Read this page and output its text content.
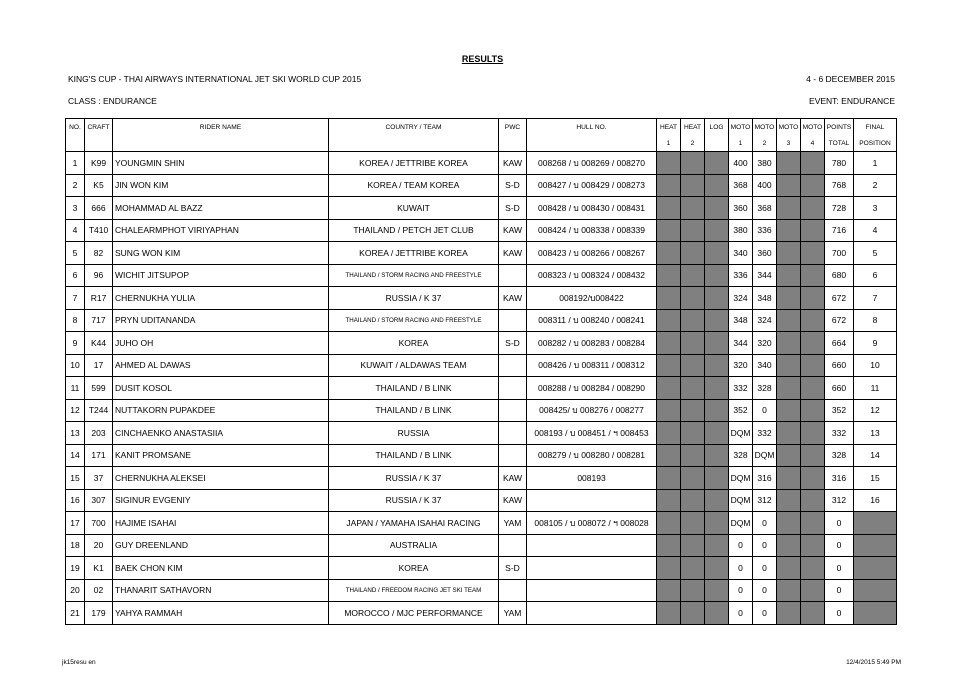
RESULTS
KING'S CUP - THAI AIRWAYS INTERNATIONAL JET SKI WORLD CUP 2015	4 - 6 DECEMBER 2015
CLASS : ENDURANCE	EVENT: ENDURANCE
NO.	CRAFT	RIDER NAME	COUNTRY / TEAM	PWC	HULL NO.	HEAT	HEAT	LOG	MOTO	MOTO	MOTO	MOTO	POINTS	FINAL
						1	2		1	2	3	4	TOTAL	POSITION
1	K99	YOUNGMIN SHIN	KOREA / JETTRIBE KOREA	KAW	008268 / บ 008269 / 008270				400	380			780	1
2	K5	JIN WON KIM	KOREA / TEAM KOREA	S-D	008427 / บ 008429 / 008273				368	400			768	2
3	666	MOHAMMAD AL BAZZ	KUWAIT	S-D	008428 / บ 008430 / 008431				360	368			728	3
4	T410	CHALEARMPHOT VIRIYAPHAN	THAILAND / PETCH JET CLUB	KAW	008424 / บ 008338 / 008339				380	336			716	4
5	82	SUNG WON KIM	KOREA / JETTRIBE KOREA	KAW	008423 / บ 008266 / 008267				340	360			700	5
6	96	WICHIT JITSUPOP	THAILAND / STORM RACING AND FREESTYLE		008323 / บ 008324 / 008432				336	344			680	6
7	R17	CHERNUKHA YULIA	RUSSIA / K 37	KAW	008192/บ008422				324	348			672	7
8	717	PRYN UDITANANDA	THAILAND / STORM RACING AND FREESTYLE		008311 / บ 008240 / 008241				348	324			672	8
9	K44	JUHO OH	KOREA	S-D	008282 / บ 008283 / 008284				344	320			664	9
10	17	AHMED AL DAWAS	KUWAIT / ALDAWAS TEAM		008426 / บ 008311 / 008312				320	340			660	10
11	599	DUSIT KOSOL	THAILAND / B LINK		008288 / บ 008284 / 008290				332	328			660	11
12	T244	NUTTAKORN PUPAKDEE	THAILAND / B LINK		008425/ บ 008276 / 008277				352	0			352	12
13	203	CINCHAENKO ANASTASIIA	RUSSIA		008193 / บ 008451 / ฯ 008453				DQM	332			332	13
14	171	KANIT PROMSANE	THAILAND / B LINK		008279 / บ 008280 / 008281				328	DQM			328	14
15	37	CHERNUKHA ALEKSEI	RUSSIA / K 37	KAW	008193				DQM	316			316	15
16	307	SIGINUR EVGENIY	RUSSIA / K 37	KAW					DQM	312			312	16
17	700	HAJIME ISAHAI	JAPAN / YAMAHA ISAHAI RACING	YAM	008105 / บ 008072 / ฯ 008028				DQM	0			0	
18	20	GUY DREENLAND	AUSTRALIA						0	0			0	
19	K1	BAEK CHON KIM	KOREA	S-D					0	0			0	
20	02	THANARIT SATHAVORN	THAILAND / FREEDOM RACING JET SKI TEAM						0	0			0	
21	179	YAHYA RAMMAH	MOROCCO / MJC PERFORMANCE	YAM					0	0			0	
jk15resu en	12/4/2015 5:49 PM
